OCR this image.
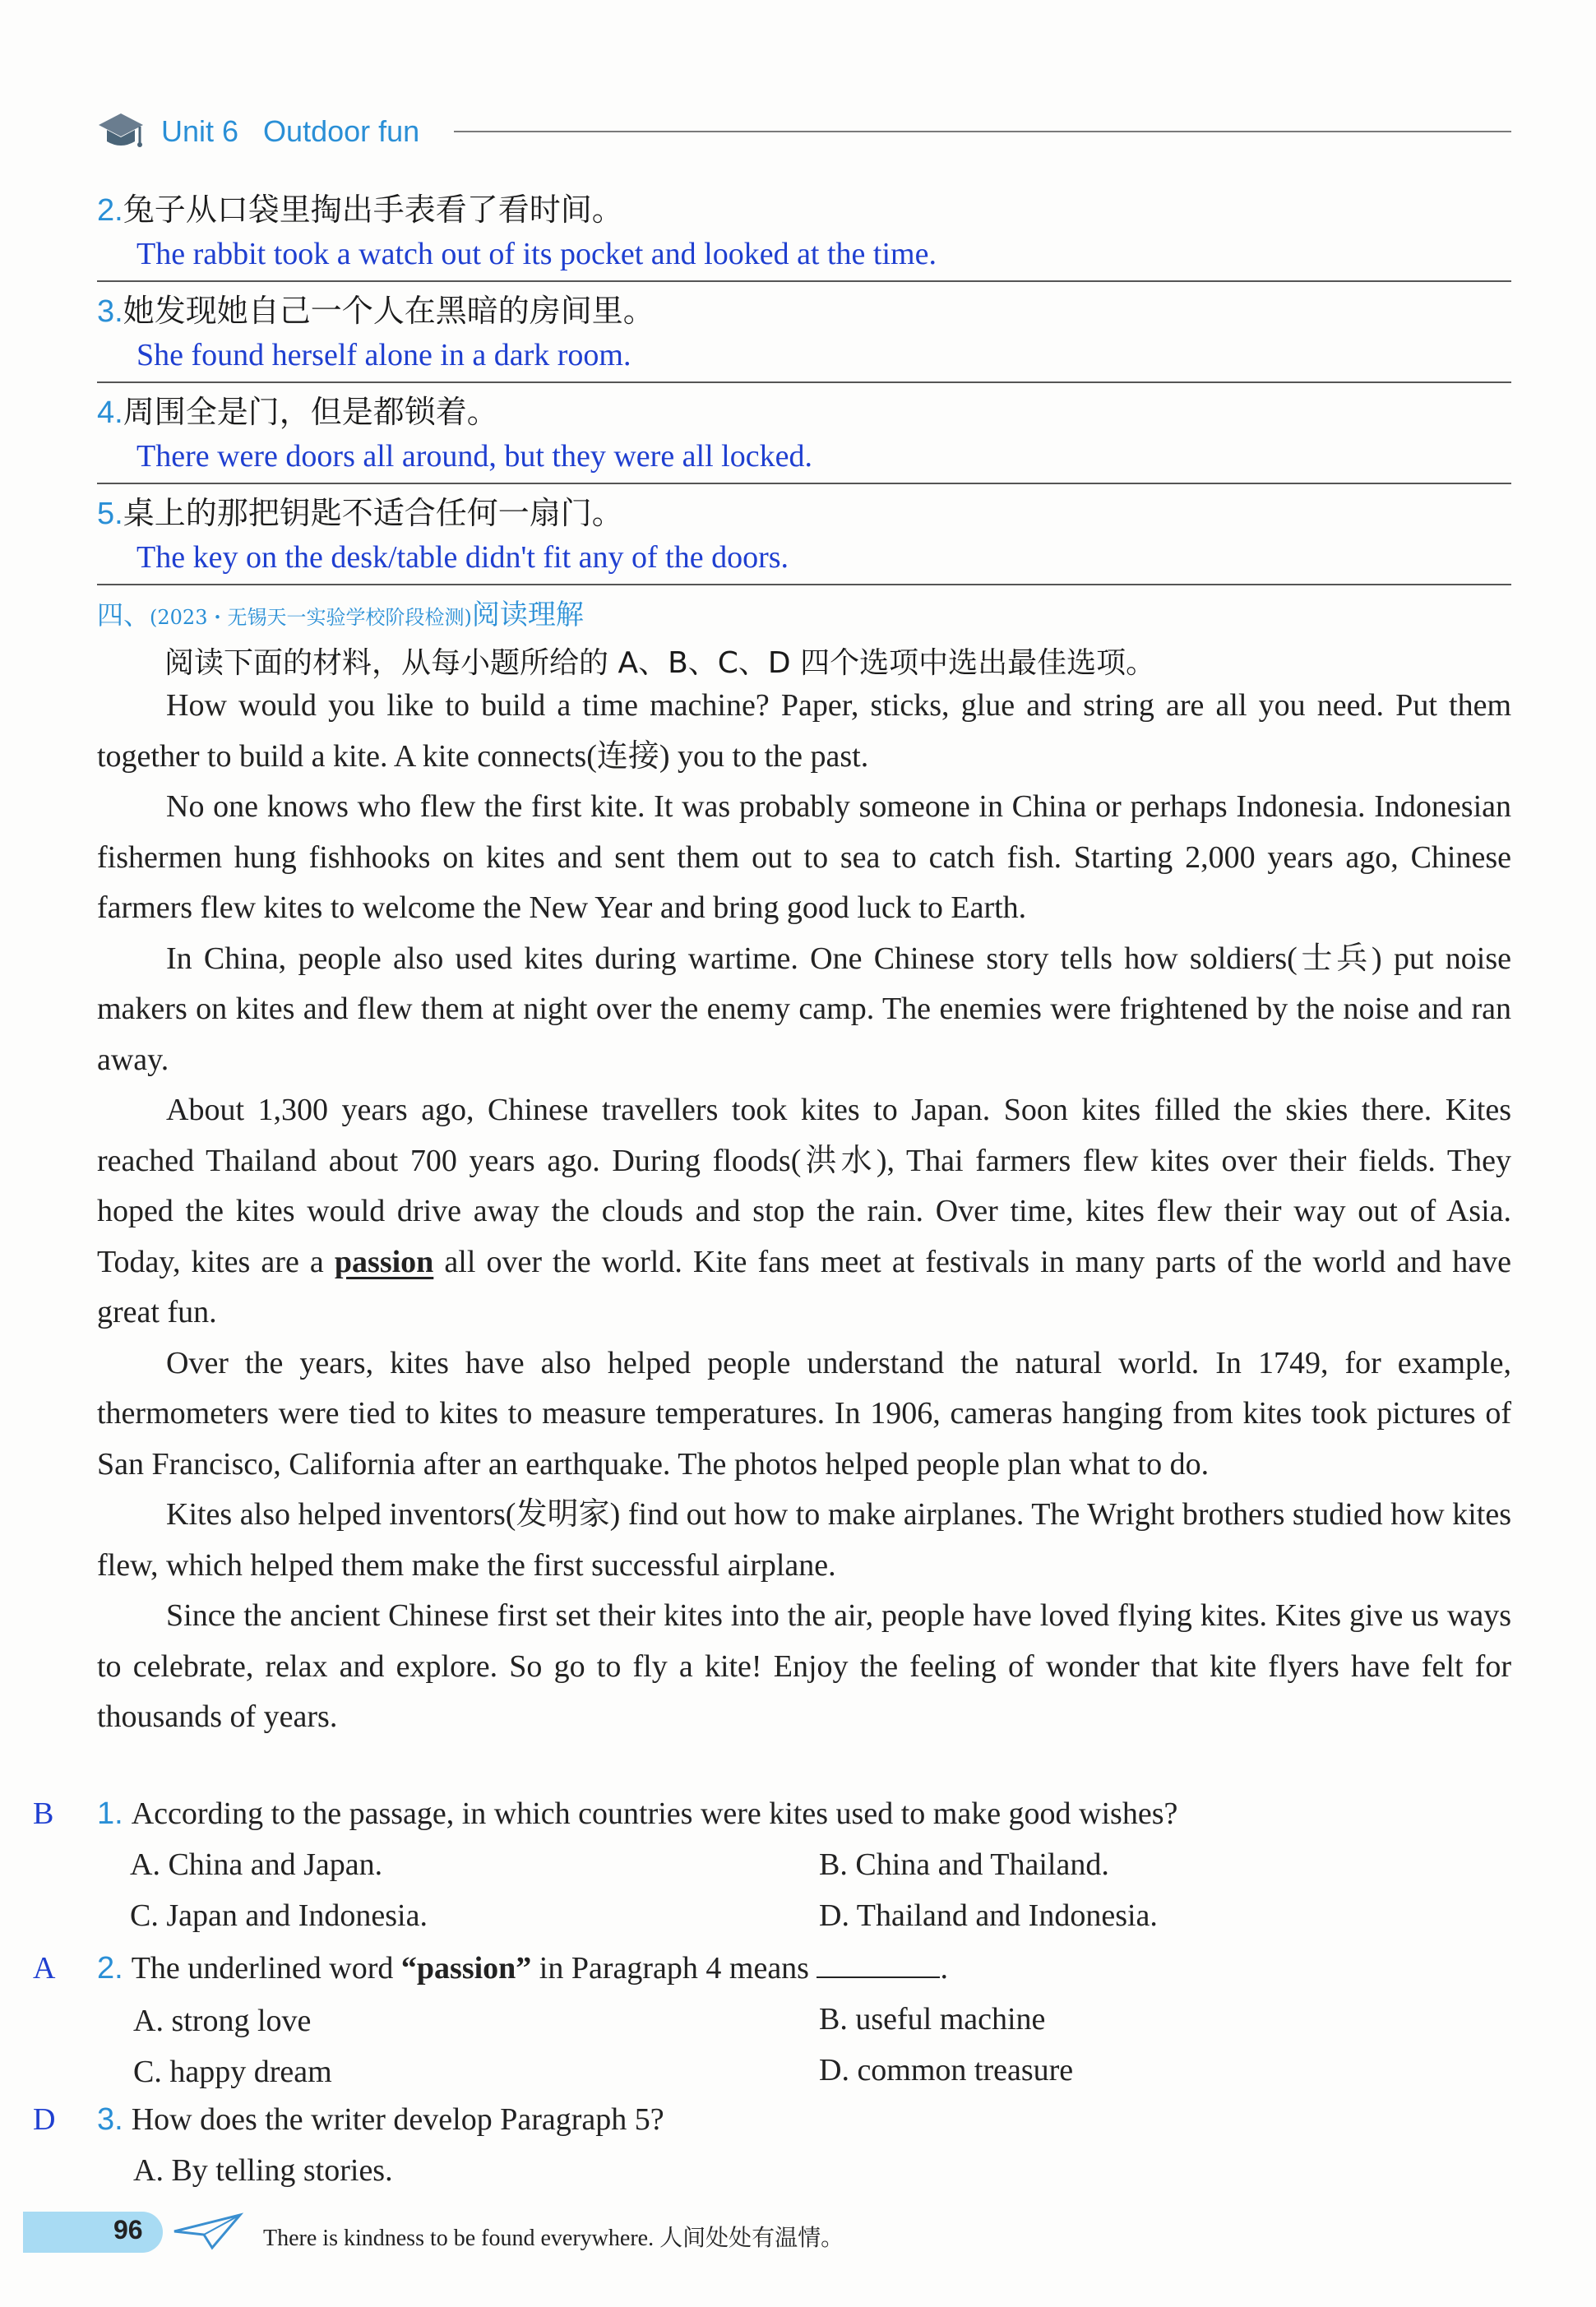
Unit 6 Outdoor fun
2.兔子从口袋里掏出手表看了看时间。
The rabbit took a watch out of its pocket and looked at the time.
3.她发现她自己一个人在黑暗的房间里。
She found herself alone in a dark room.
4.周围全是门，但是都锁着。
There were doors all around, but they were all locked.
5.桌上的那把钥匙不适合任何一扇门。
The key on the desk/table didn't fit any of the doors.
四、(2023・无锡天一实验学校阶段检测)阅读理解
阅读下面的材料，从每小题所给的 A、B、C、D 四个选项中选出最佳选项。

How would you like to build a time machine? Paper, sticks, glue and string are all you need. Put them together to build a kite. A kite connects(连接) you to the past.

No one knows who flew the first kite. It was probably someone in China or perhaps Indonesia. Indonesian fishermen hung fishhooks on kites and sent them out to sea to catch fish. Starting 2,000 years ago, Chinese farmers flew kites to welcome the New Year and bring good luck to Earth.

In China, people also used kites during wartime. One Chinese story tells how soldiers(士兵) put noise makers on kites and flew them at night over the enemy camp. The enemies were frightened by the noise and ran away.

About 1,300 years ago, Chinese travellers took kites to Japan. Soon kites filled the skies there. Kites reached Thailand about 700 years ago. During floods(洪水), Thai farmers flew kites over their fields. They hoped the kites would drive away the clouds and stop the rain. Over time, kites flew their way out of Asia. Today, kites are a passion all over the world. Kite fans meet at festivals in many parts of the world and have great fun.

Over the years, kites have also helped people understand the natural world. In 1749, for example, thermometers were tied to kites to measure temperatures. In 1906, cameras hanging from kites took pictures of San Francisco, California after an earthquake. The photos helped people plan what to do.

Kites also helped inventors(发明家) find out how to make airplanes. The Wright brothers studied how kites flew, which helped them make the first successful airplane.

Since the ancient Chinese first set their kites into the air, people have loved flying kites. Kites give us ways to celebrate, relax and explore. So go to fly a kite! Enjoy the feeling of wonder that kite flyers have felt for thousands of years.

B	1. According to the passage, in which countries were kites used to make good wishes?
A. China and Japan.	B. China and Thailand.
C. Japan and Indonesia.	D. Thailand and Indonesia.
A	2. The underlined word “passion” in Paragraph 4 means	.
A. strong love	B. useful machine
C. happy dream	D. common treasure
D	3. How does the writer develop Paragraph 5?
A. By telling stories.
96	There is kindness to be found everywhere. 人间处处有温情。
